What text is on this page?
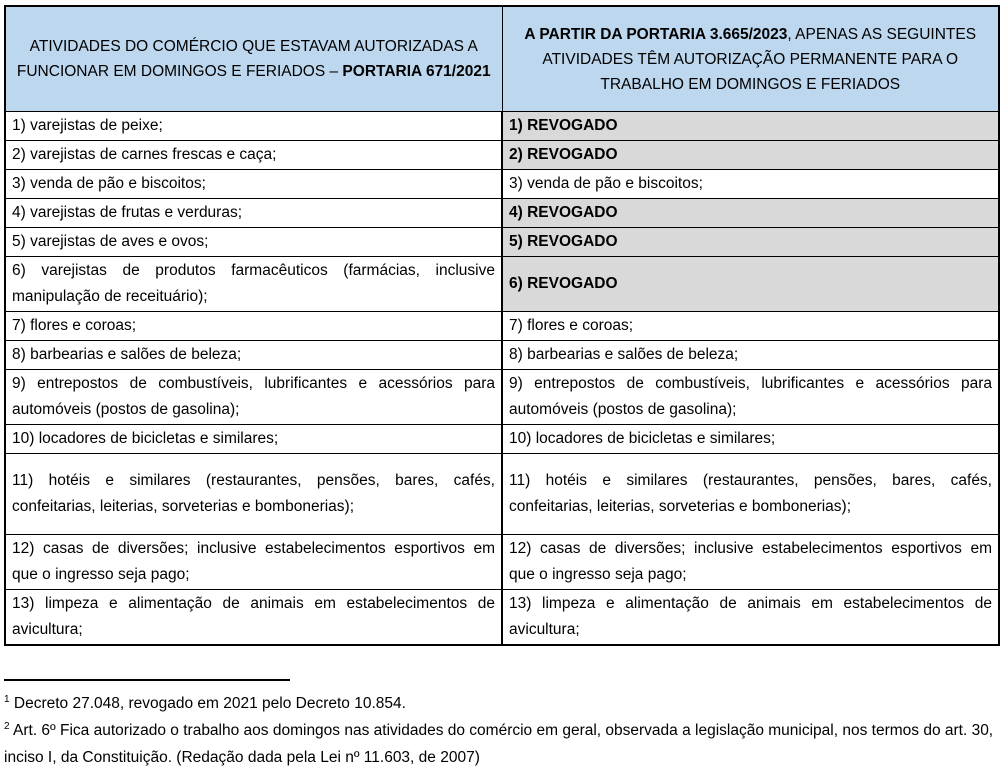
ATIVIDADES DO COMÉRCIO QUE ESTAVAM AUTORIZADAS A FUNCIONAR EM DOMINGOS E FERIADOS – PORTARIA 671/2021	A PARTIR DA PORTARIA 3.665/2023, APENAS AS SEGUINTES ATIVIDADES TÊM AUTORIZAÇÃO PERMANENTE PARA O TRABALHO EM DOMINGOS E FERIADOS
1) varejistas de peixe;	1) REVOGADO
2) varejistas de carnes frescas e caça;	2) REVOGADO
3) venda de pão e biscoitos;	3) venda de pão e biscoitos;
4) varejistas de frutas e verduras;	4) REVOGADO
5) varejistas de aves e ovos;	5) REVOGADO
6) varejistas de produtos farmacêuticos (farmácias, inclusive manipulação de receituário);	6) REVOGADO
7) flores e coroas;	7) flores e coroas;
8) barbearias e salões de beleza;	8) barbearias e salões de beleza;
9) entrepostos de combustíveis, lubrificantes e acessórios para automóveis (postos de gasolina);	9) entrepostos de combustíveis, lubrificantes e acessórios para automóveis (postos de gasolina);
10) locadores de bicicletas e similares;	10) locadores de bicicletas e similares;
11) hotéis e similares (restaurantes, pensões, bares, cafés, confeitarias, leiterias, sorveterias e bombonerias);	11) hotéis e similares (restaurantes, pensões, bares, cafés, confeitarias, leiterias, sorveterias e bombonerias);
12) casas de diversões; inclusive estabelecimentos esportivos em que o ingresso seja pago;	12) casas de diversões; inclusive estabelecimentos esportivos em que o ingresso seja pago;
13) limpeza e alimentação de animais em estabelecimentos de avicultura;	13) limpeza e alimentação de animais em estabelecimentos de avicultura;

$^1$ Decreto 27.048, revogado em 2021 pelo Decreto 10.854.

$^2$ Art. 6º Fica autorizado o trabalho aos domingos nas atividades do comércio em geral, observada a legislação municipal, nos termos do art. 30, inciso I, da Constituição. (Redação dada pela Lei nº 11.603, de 2007)
